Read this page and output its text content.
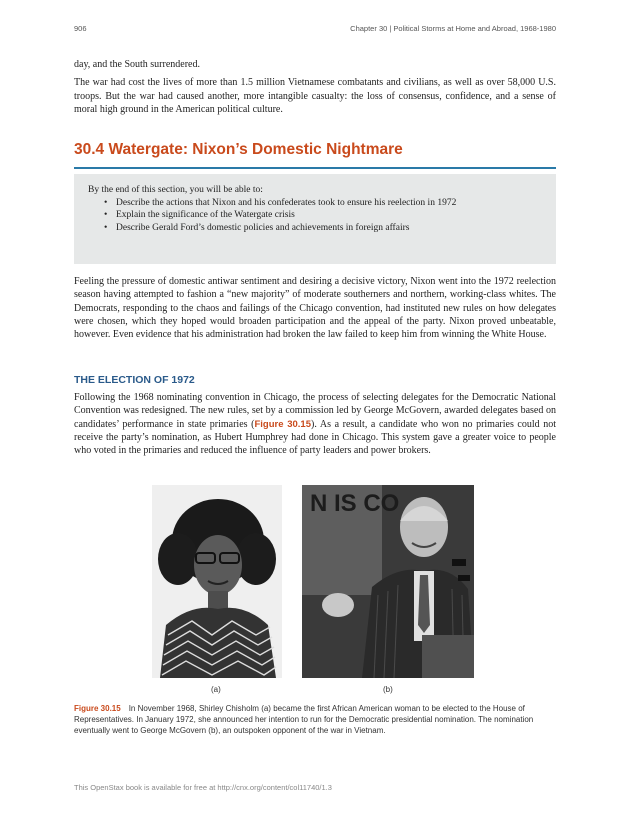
906	Chapter 30 | Political Storms at Home and Abroad, 1968-1980

day, and the South surrendered.

The war had cost the lives of more than 1.5 million Vietnamese combatants and civilians, as well as over 58,000 U.S. troops. But the war had caused another, more intangible casualty: the loss of consensus, confidence, and a sense of moral high ground in the American political culture.

30.4 Watergate: Nixon’s Domestic Nightmare
By the end of this section, you will be able to:
• Describe the actions that Nixon and his confederates took to ensure his reelection in 1972
• Explain the significance of the Watergate crisis
• Describe Gerald Ford’s domestic policies and achievements in foreign affairs

Feeling the pressure of domestic antiwar sentiment and desiring a decisive victory, Nixon went into the 1972 reelection season having attempted to fashion a “new majority” of moderate southerners and northern, working-class whites. The Democrats, responding to the chaos and failings of the Chicago convention, had instituted new rules on how delegates were chosen, which they hoped would broaden participation and the appeal of the party. Nixon proved unbeatable, however. Even evidence that his administration had broken the law failed to keep him from winning the White House.

THE ELECTION OF 1972

Following the 1968 nominating convention in Chicago, the process of selecting delegates for the Democratic National Convention was redesigned. The new rules, set by a commission led by George McGovern, awarded delegates based on candidates’ performance in state primaries (Figure 30.15). As a result, a candidate who won no primaries could not receive the party’s nomination, as Hubert Humphrey had done in Chicago. This system gave a greater voice to people who voted in the primaries and reduced the influence of party leaders and power brokers.

N IS CO
(a)	(b)
Figure 30.15 In November 1968, Shirley Chisholm (a) became the first African American woman to be elected to the House of Representatives. In January 1972, she announced her intention to run for the Democratic presidential nomination. The nomination eventually went to George McGovern (b), an outspoken opponent of the war in Vietnam.
This OpenStax book is available for free at http://cnx.org/content/col11740/1.3
